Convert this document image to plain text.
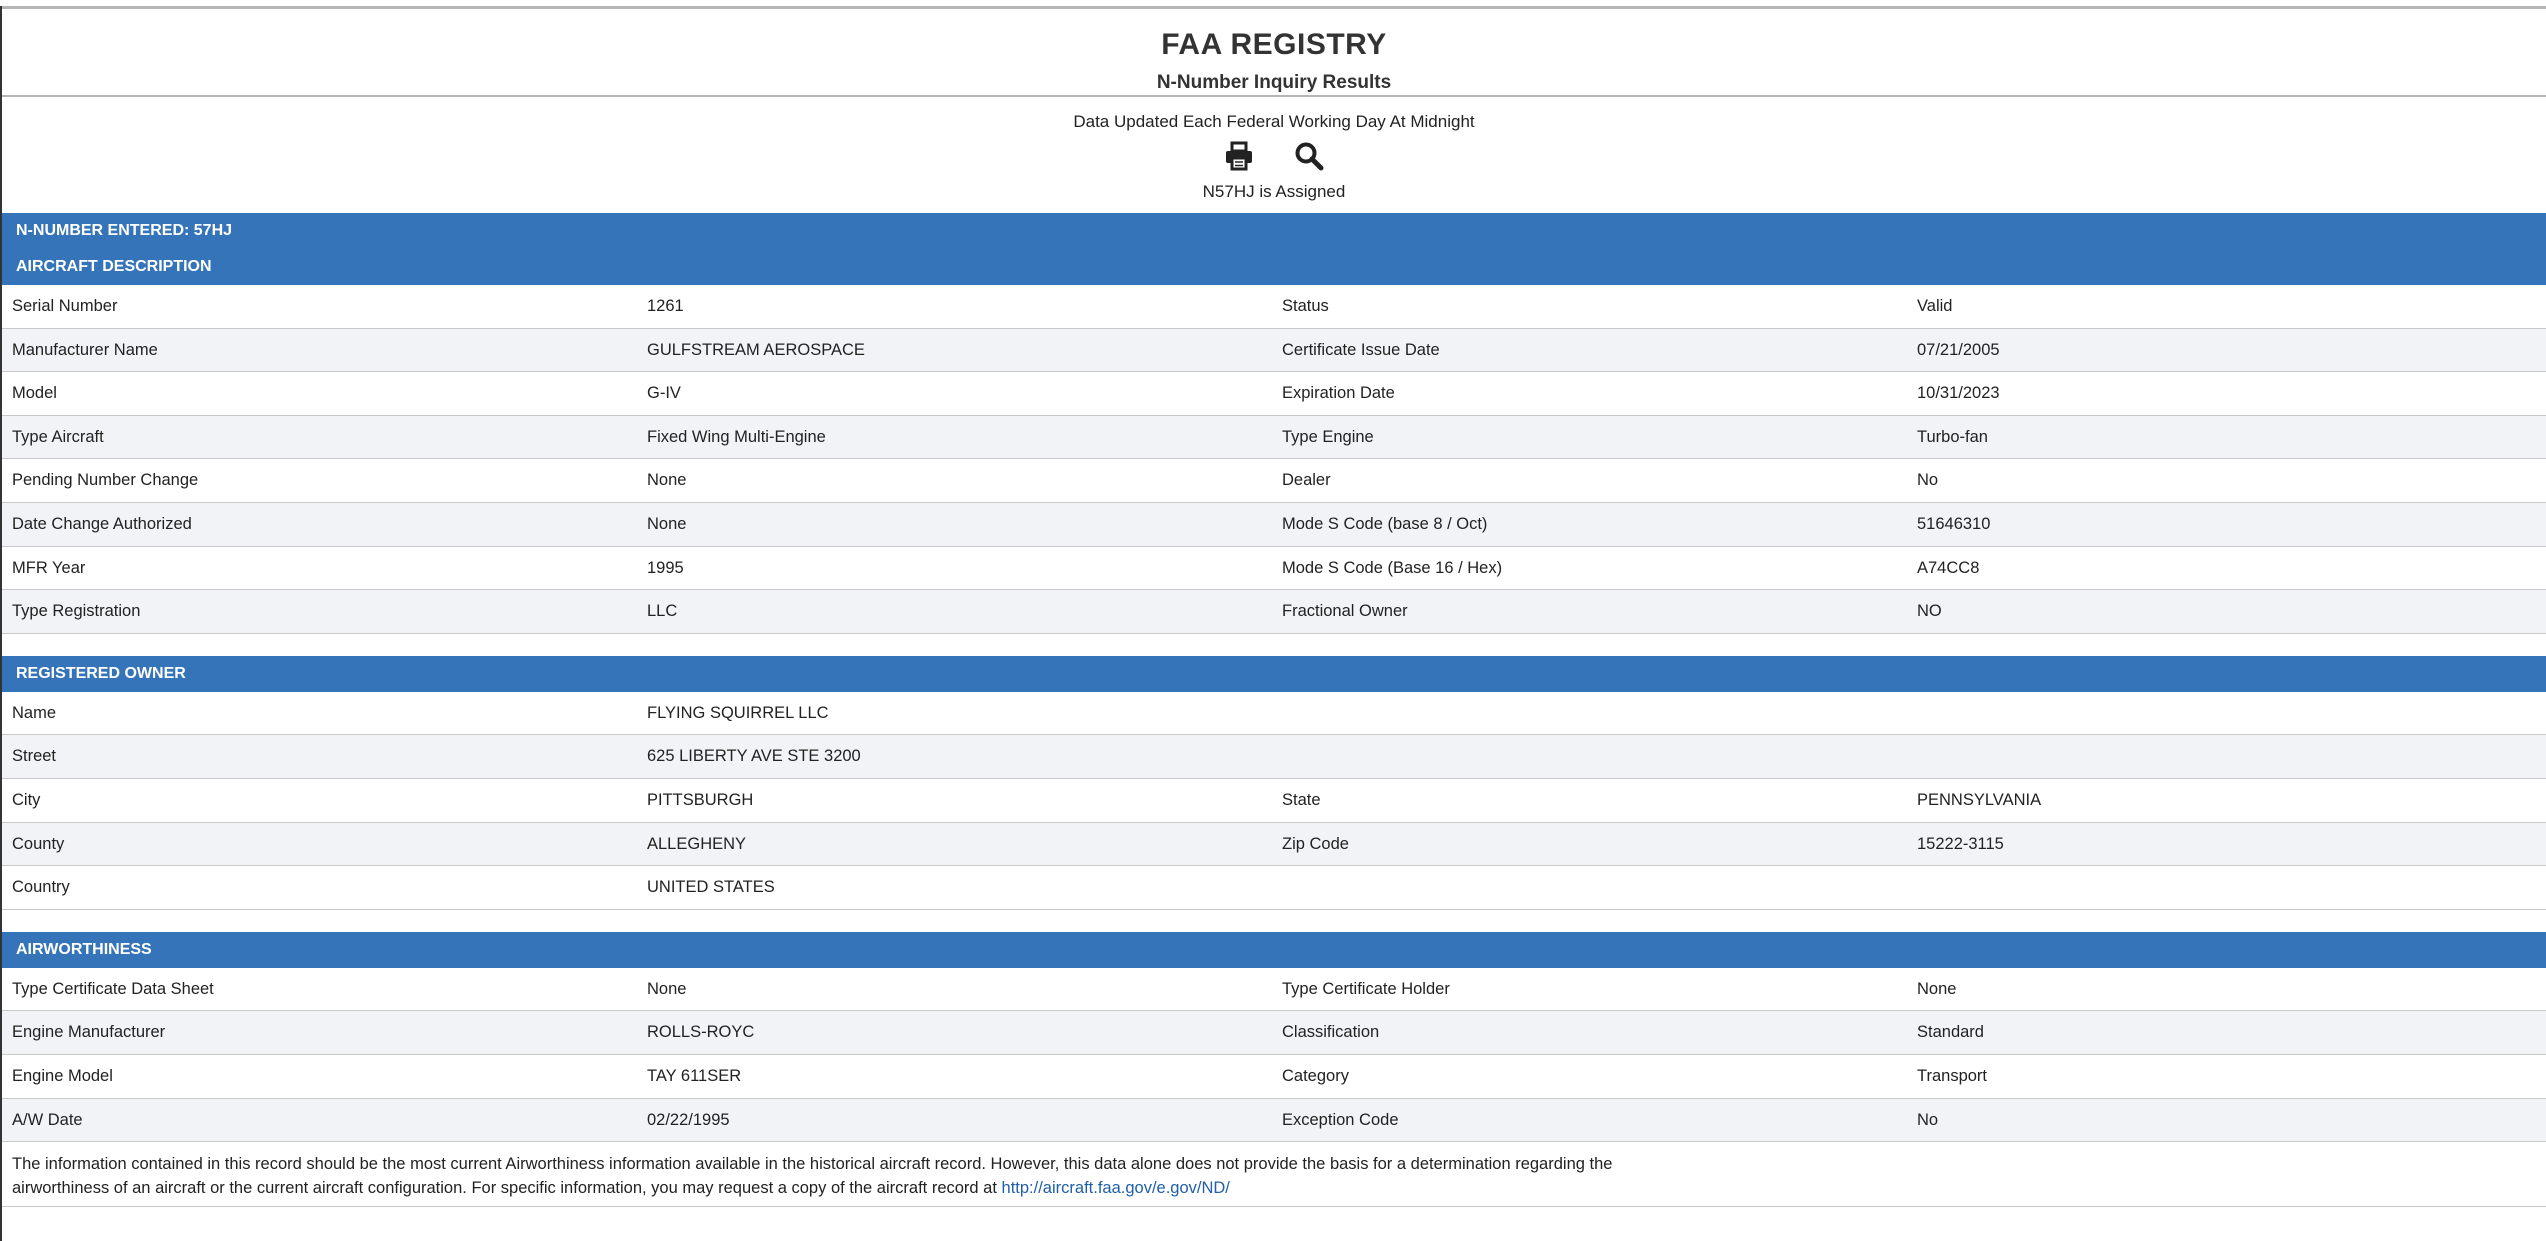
FAA REGISTRY
N-Number Inquiry Results
Data Updated Each Federal Working Day At Midnight

N57HJ is Assigned
N-NUMBER ENTERED: 57HJ
AIRCRAFT DESCRIPTION
Serial Number	1261	Status	Valid
Manufacturer Name	GULFSTREAM AEROSPACE	Certificate Issue Date	07/21/2005
Model	G-IV	Expiration Date	10/31/2023
Type Aircraft	Fixed Wing Multi-Engine	Type Engine	Turbo-fan
Pending Number Change	None	Dealer	No
Date Change Authorized	None	Mode S Code (base 8 / Oct)	51646310
MFR Year	1995	Mode S Code (Base 16 / Hex)	A74CC8
Type Registration	LLC	Fractional Owner	NO
REGISTERED OWNER
Name	FLYING SQUIRREL LLC
Street	625 LIBERTY AVE STE 3200
City	PITTSBURGH	State	PENNSYLVANIA
County	ALLEGHENY	Zip Code	15222-3115
Country	UNITED STATES
AIRWORTHINESS
Type Certificate Data Sheet	None	Type Certificate Holder	None
Engine Manufacturer	ROLLS-ROYC	Classification	Standard
Engine Model	TAY 611SER	Category	Transport
A/W Date	02/22/1995	Exception Code	No
The information contained in this record should be the most current Airworthiness information available in the historical aircraft record. However, this data alone does not provide the basis for a determination regarding the airworthiness of an aircraft or the current aircraft configuration. For specific information, you may request a copy of the aircraft record at http://aircraft.faa.gov/e.gov/ND/
